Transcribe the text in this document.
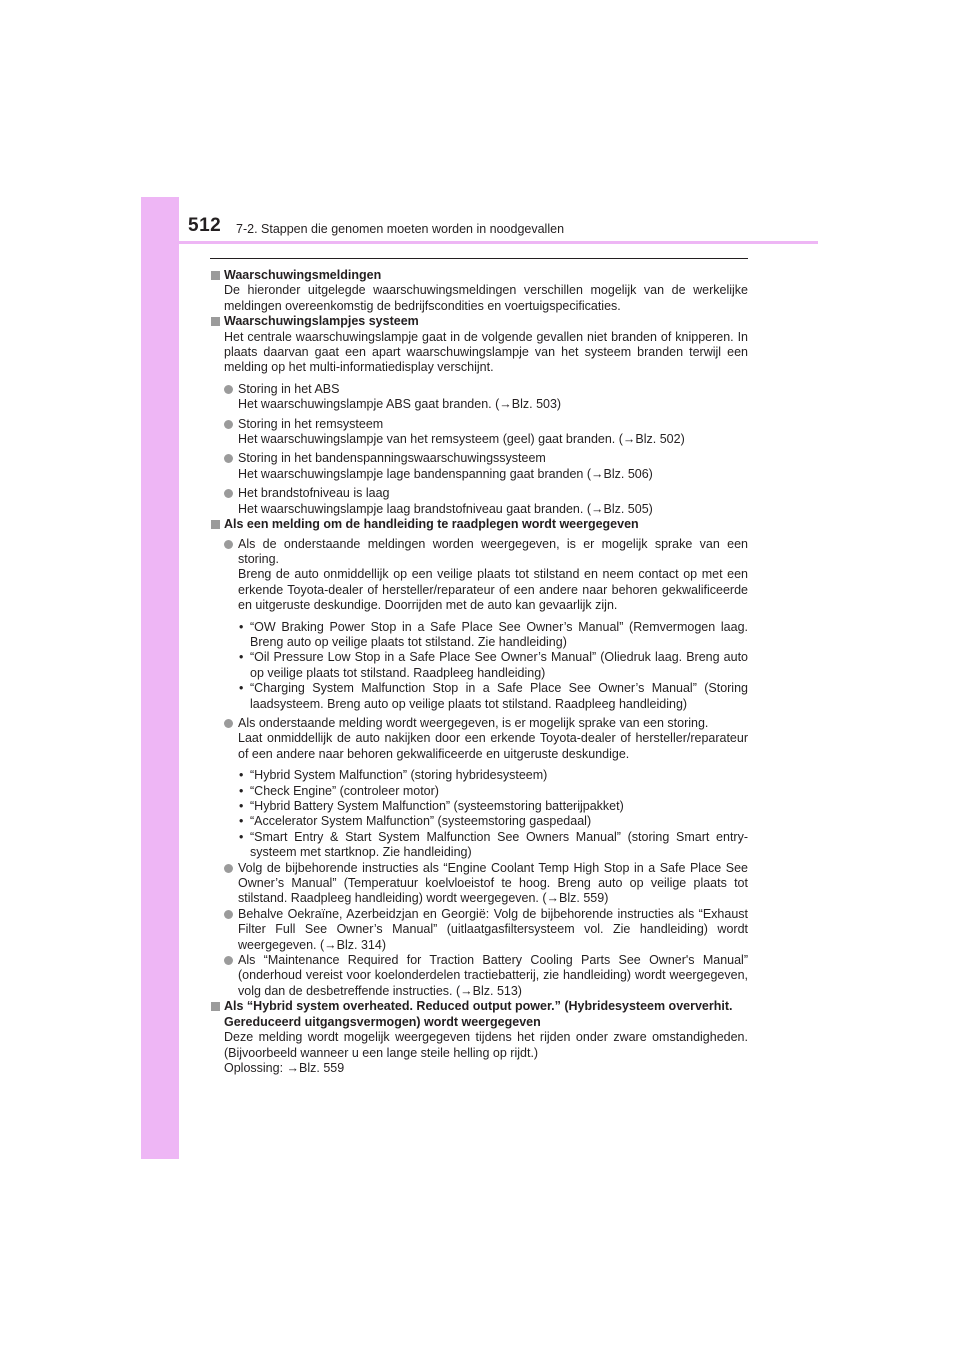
512 7-2. Stappen die genomen moeten worden in noodgevallen

Waarschuwingsmeldingen

De hieronder uitgelegde waarschuwingsmeldingen verschillen mogelijk van de werkelijke meldingen overeenkomstig de bedrijfscondities en voertuigspecificaties.

Waarschuwingslampjes systeem

Het centrale waarschuwingslampje gaat in de volgende gevallen niet branden of knipperen. In plaats daarvan gaat een apart waarschuwingslampje van het systeem branden terwijl een melding op het multi-informatiedisplay verschijnt.

Storing in het ABS

Het waarschuwingslampje ABS gaat branden. (→Blz. 503)

Storing in het remsysteem

Het waarschuwingslampje van het remsysteem (geel) gaat branden. (→Blz. 502)

Storing in het bandenspanningswaarschuwingssysteem

Het waarschuwingslampje lage bandenspanning gaat branden (→Blz. 506)

Het brandstofniveau is laag

Het waarschuwingslampje laag brandstofniveau gaat branden. (→Blz. 505)

Als een melding om de handleiding te raadplegen wordt weergegeven

Als de onderstaande meldingen worden weergegeven, is er mogelijk sprake van een storing.

Breng de auto onmiddellijk op een veilige plaats tot stilstand en neem contact op met een erkende Toyota-dealer of hersteller/reparateur of een andere naar behoren gekwalificeerde en uitgeruste deskundige. Doorrijden met de auto kan gevaarlijk zijn.

• “OW Braking Power Stop in a Safe Place See Owner’s Manual” (Remvermogen laag. Breng auto op veilige plaats tot stilstand. Zie handleiding)
• “Oil Pressure Low Stop in a Safe Place See Owner’s Manual” (Oliedruk laag. Breng auto op veilige plaats tot stilstand. Raadpleeg handleiding)
• “Charging System Malfunction Stop in a Safe Place See Owner’s Manual” (Storing laadsysteem. Breng auto op veilige plaats tot stilstand. Raadpleeg handleiding)

Als onderstaande melding wordt weergegeven, is er mogelijk sprake van een storing.

Laat onmiddellijk de auto nakijken door een erkende Toyota-dealer of hersteller/reparateur of een andere naar behoren gekwalificeerde en uitgeruste deskundige.

• “Hybrid System Malfunction” (storing hybridesysteem)
• “Check Engine” (controleer motor)
• “Hybrid Battery System Malfunction” (systeemstoring batterijpakket)
• “Accelerator System Malfunction” (systeemstoring gaspedaal)
• “Smart Entry & Start System Malfunction See Owners Manual” (storing Smart entry-systeem met startknop. Zie handleiding)

Volg de bijbehorende instructies als “Engine Coolant Temp High Stop in a Safe Place See Owner’s Manual” (Temperatuur koelvloeistof te hoog. Breng auto op veilige plaats tot stilstand. Raadpleeg handleiding) wordt weergegeven. (→Blz. 559)

Behalve Oekraïne, Azerbeidzjan en Georgië: Volg de bijbehorende instructies als “Exhaust Filter Full See Owner’s Manual” (uitlaatgasfiltersysteem vol. Zie handleiding) wordt weergegeven. (→Blz. 314)

Als “Maintenance Required for Traction Battery Cooling Parts See Owner's Manual” (onderhoud vereist voor koelonderdelen tractiebatterij, zie handleiding) wordt weergegeven, volg dan de desbetreffende instructies. (→Blz. 513)

Als “Hybrid system overheated. Reduced output power.” (Hybridesysteem oververhit. Gereduceerd uitgangsvermogen) wordt weergegeven

Deze melding wordt mogelijk weergegeven tijdens het rijden onder zware omstandigheden. (Bijvoorbeeld wanneer u een lange steile helling op rijdt.)

Oplossing: →Blz. 559
